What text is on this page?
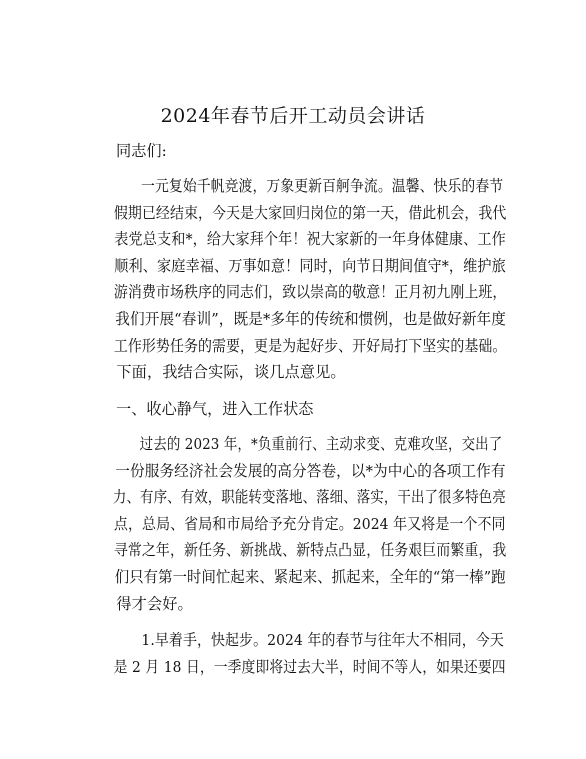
2024年春节后开工动员会讲话
同志们:
一元复始千帆竞渡，万象更新百舸争流。温馨、快乐的春节
假期已经结束，今天是大家回归岗位的第一天，借此机会，我代
表党总支和*，给大家拜个年！祝大家新的一年身体健康、工作
顺利、家庭幸福、万事如意！同时，向节日期间值守*，维护旅
游消费市场秩序的同志们，致以崇高的敬意！正月初九刚上班，
我们开展“春训”，既是*多年的传统和惯例，也是做好新年度
工作形势任务的需要，更是为起好步、开好局打下坚实的基础。
下面，我结合实际，谈几点意见。
一、收心静气，进入工作状态
过去的 2023 年，*负重前行、主动求变、克难攻坚，交出了
一份服务经济社会发展的高分答卷，以*为中心的各项工作有
力、有序、有效，职能转变落地、落细、落实，干出了很多特色亮
点，总局、省局和市局给予充分肯定。2024 年又将是一个不同
寻常之年，新任务、新挑战、新特点凸显，任务艰巨而繁重，我
们只有第一时间忙起来、紧起来、抓起来，全年的“第一棒”跑
得才会好。
1.早着手，快起步。2024 年的春节与往年大不相同，今天
是 2 月 18 日，一季度即将过去大半，时间不等人，如果还要四
